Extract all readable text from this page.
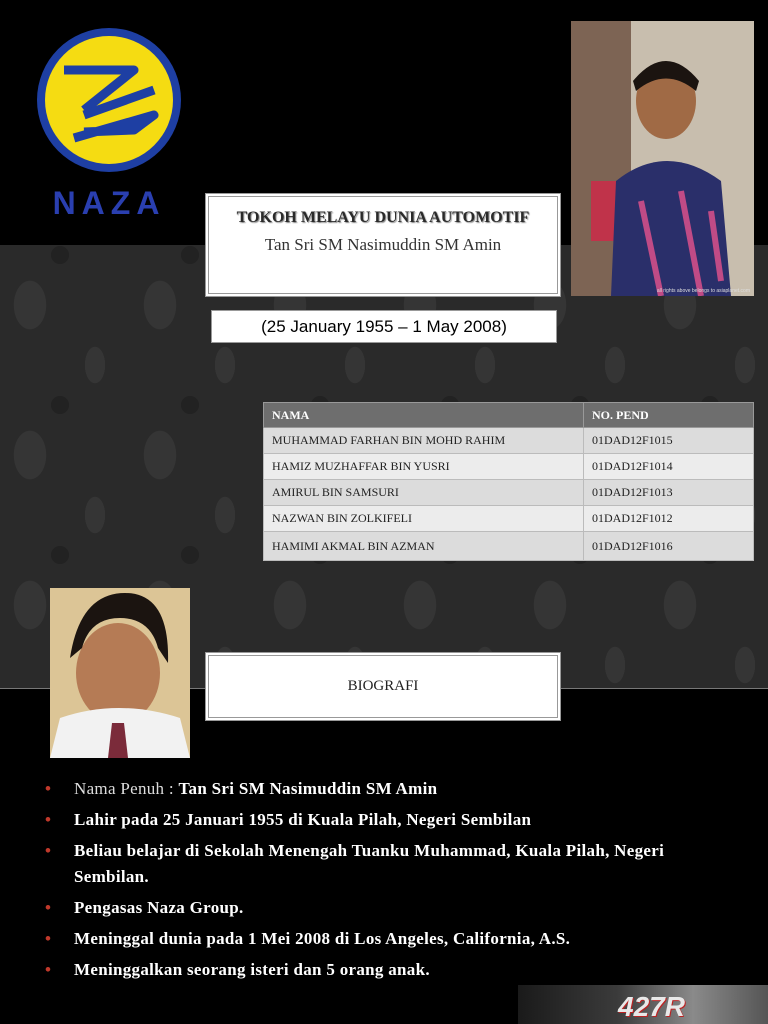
NAZA
all rights above belongs to asiaplanet.com
TOKOH MELAYU DUNIA AUTOMOTIF
Tan Sri SM Nasimuddin SM Amin
(25 January 1955 – 1 May 2008)
NAMA	NO. PEND
MUHAMMAD FARHAN BIN MOHD RAHIM	01DAD12F1015
HAMIZ MUZHAFFAR BIN YUSRI	01DAD12F1014
AMIRUL BIN SAMSURI	01DAD12F1013
NAZWAN BIN ZOLKIFELI	01DAD12F1012
HAMIMI AKMAL BIN AZMAN	01DAD12F1016
BIOGRAFI
• Nama Penuh : Tan Sri SM Nasimuddin SM Amin
• Lahir pada 25 Januari 1955 di Kuala Pilah, Negeri Sembilan
• Beliau belajar di Sekolah Menengah Tuanku Muhammad, Kuala Pilah, Negeri Sembilan.
• Pengasas Naza Group.
• Meninggal dunia pada 1 Mei 2008 di Los Angeles, California, A.S.
• Meninggalkan seorang isteri dan 5 orang anak.
427R
